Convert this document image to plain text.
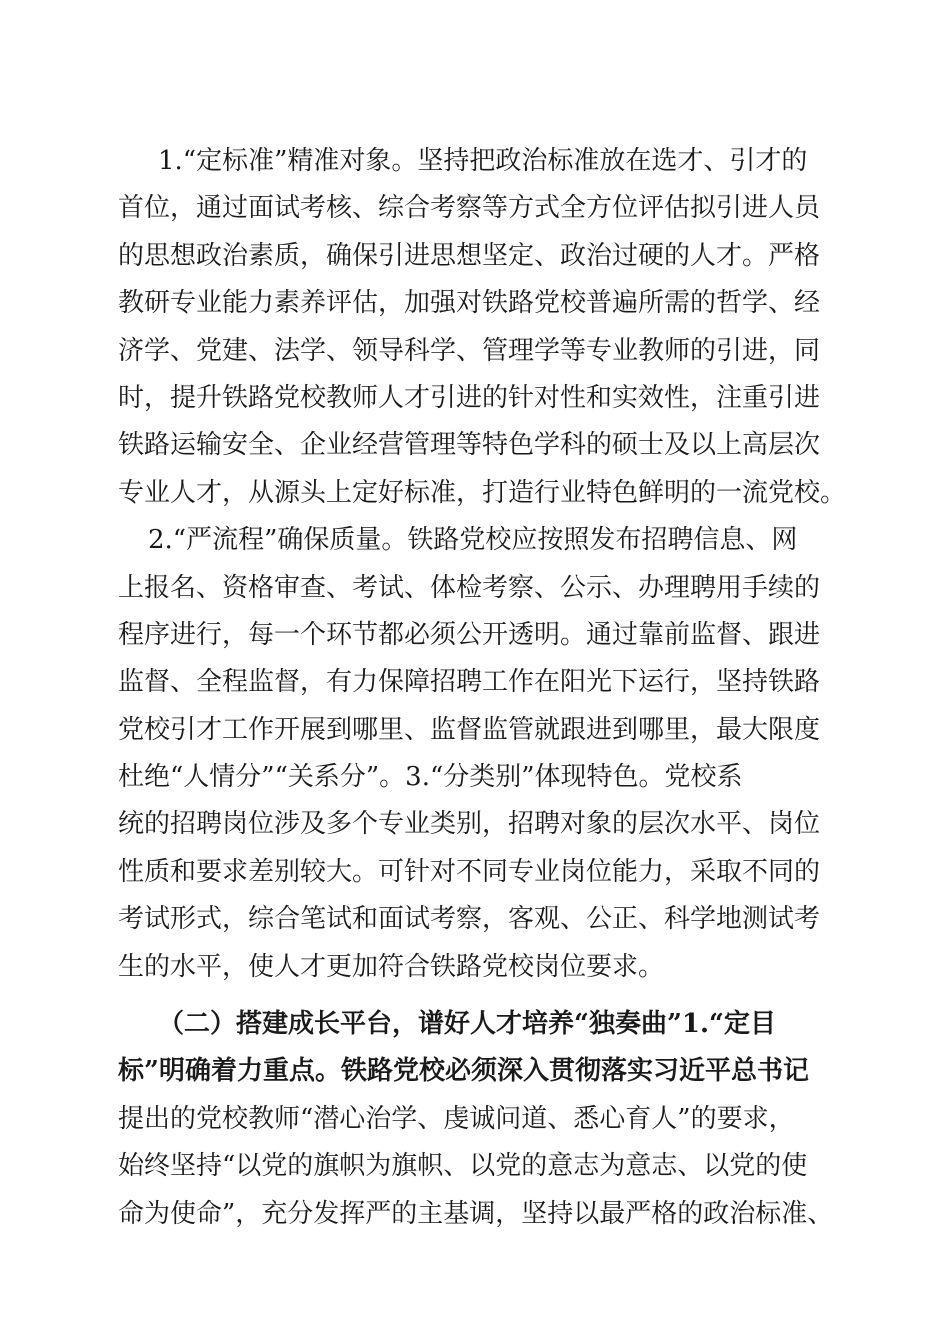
1.“定标准”精准对象。坚持把政治标准放在选才、引才的
首位，通过面试考核、综合考察等方式全方位评估拟引进人员
的思想政治素质，确保引进思想坚定、政治过硬的人才。严格
教研专业能力素养评估，加强对铁路党校普遍所需的哲学、经
济学、党建、法学、领导科学、管理学等专业教师的引进，同
时，提升铁路党校教师人才引进的针对性和实效性，注重引进
铁路运输安全、企业经营管理等特色学科的硕士及以上高层次
专业人才，从源头上定好标准，打造行业特色鲜明的一流党校。
2.“严流程”确保质量。铁路党校应按照发布招聘信息、网
上报名、资格审查、考试、体检考察、公示、办理聘用手续的
程序进行，每一个环节都必须公开透明。通过靠前监督、跟进
监督、全程监督，有力保障招聘工作在阳光下运行，坚持铁路
党校引才工作开展到哪里、监督监管就跟进到哪里，最大限度
杜绝“人情分”“关系分”。3.“分类别”体现特色。党校系
统的招聘岗位涉及多个专业类别，招聘对象的层次水平、岗位
性质和要求差别较大。可针对不同专业岗位能力，采取不同的
考试形式，综合笔试和面试考察，客观、公正、科学地测试考
生的水平，使人才更加符合铁路党校岗位要求。
（二）搭建成长平台，谱好人才培养“独奏曲”1.“定目
标”明确着力重点。铁路党校必须深入贯彻落实习近平总书记
提出的党校教师“潜心治学、虔诚问道、悉心育人”的要求，
始终坚持“以党的旗帜为旗帜、以党的意志为意志、以党的使
命为使命”，充分发挥严的主基调，坚持以最严格的政治标准、
